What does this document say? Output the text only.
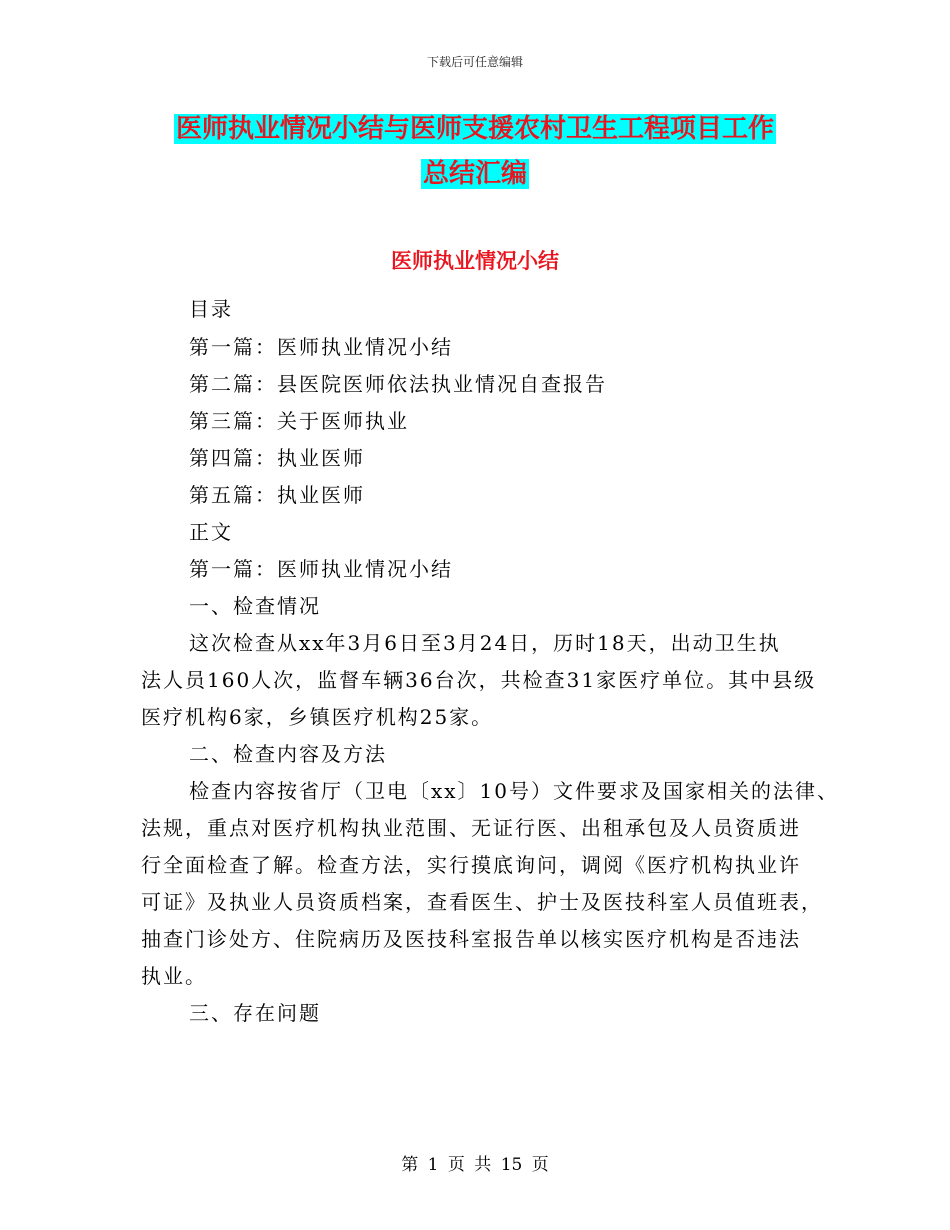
下载后可任意编辑
医师执业情况小结与医师支援农村卫生工程项目工作
总结汇编
医师执业情况小结
目录
第一篇：医师执业情况小结
第二篇：县医院医师依法执业情况自查报告
第三篇：关于医师执业
第四篇：执业医师
第五篇：执业医师
正文
第一篇：医师执业情况小结
一、检查情况
这次检查从xx年3月6日至3月24日，历时18天，出动卫生执
法人员160人次，监督车辆36台次，共检查31家医疗单位。其中县级
医疗机构6家，乡镇医疗机构25家。
二、检查内容及方法
检查内容按省厅（卫电〔xx〕10号）文件要求及国家相关的法律、
法规，重点对医疗机构执业范围、无证行医、出租承包及人员资质进
行全面检查了解。检查方法，实行摸底询问，调阅《医疗机构执业许
可证》及执业人员资质档案，查看医生、护士及医技科室人员值班表，
抽查门诊处方、住院病历及医技科室报告单以核实医疗机构是否违法
执业。
三、存在问题
第 1 页 共 15 页
